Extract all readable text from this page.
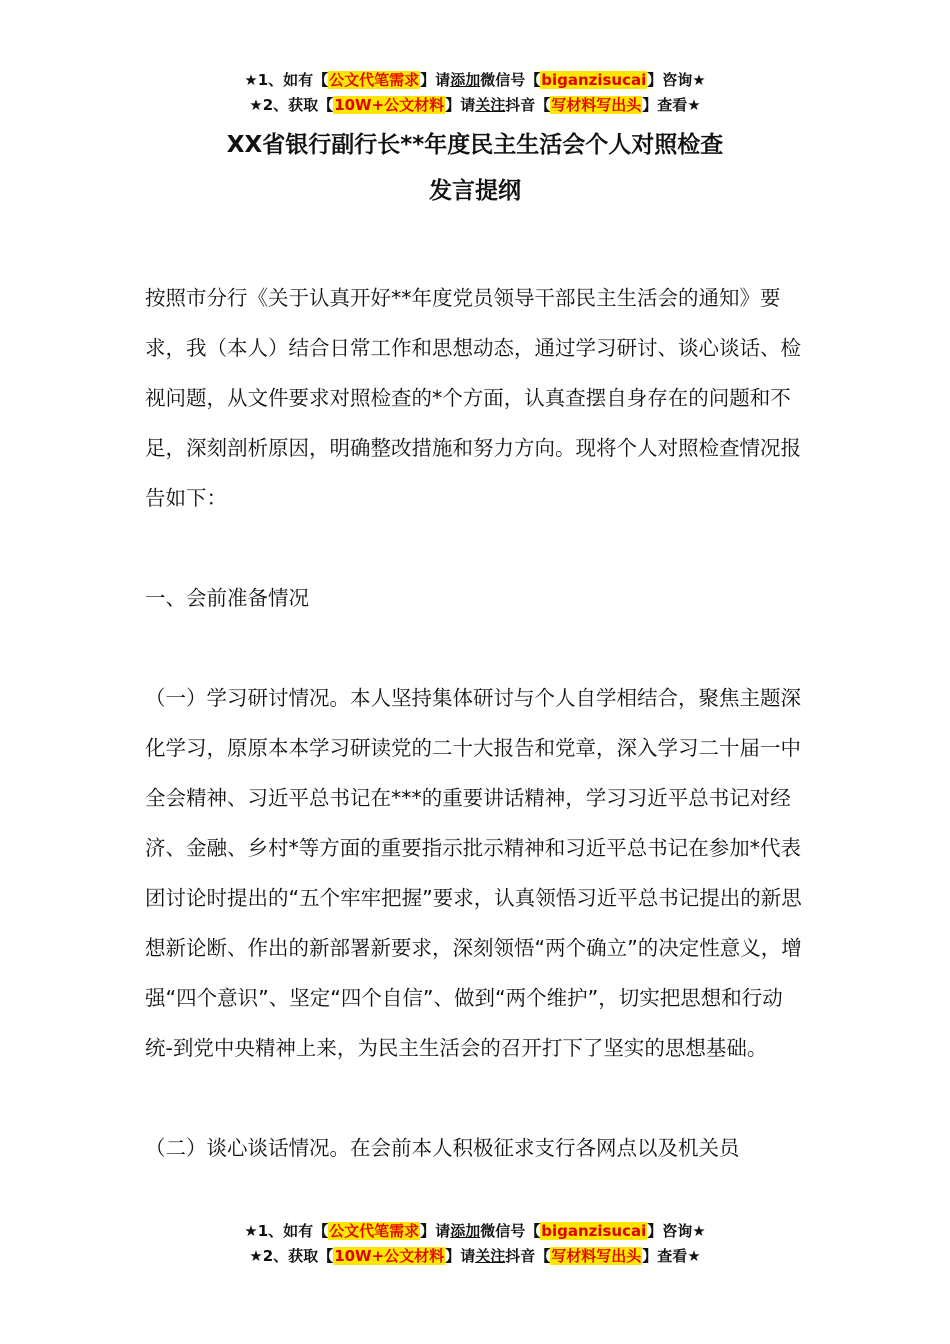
★1、如有【公文代笔需求】请添加微信号【biganzisucai】咨询★
★2、获取【10W+公文材料】请关注抖音【写材料写出头】查看★
XX省银行副行长**年度民主生活会个人对照检查
发言提纲

按照市分行《关于认真开好**年度党员领导干部民主生活会的通知》要求，我（本人）结合日常工作和思想动态，通过学习研讨、谈心谈话、检视问题，从文件要求对照检查的*个方面，认真查摆自身存在的问题和不足，深刻剖析原因，明确整改措施和努力方向。现将个人对照检查情况报告如下：

一、会前准备情况

（一）学习研讨情况。本人坚持集体研讨与个人自学相结合，聚焦主题深化学习，原原本本学习研读党的二十大报告和党章，深入学习二十届一中全会精神、习近平总书记在***的重要讲话精神，学习习近平总书记对经济、金融、乡村*等方面的重要指示批示精神和习近平总书记在参加*代表团讨论时提出的“五个牢牢把握”要求，认真领悟习近平总书记提出的新思想新论断、作出的新部署新要求，深刻领悟“两个确立”的决定性意义，增强“四个意识”、坚定“四个自信”、做到“两个维护”，切实把思想和行动统-到党中央精神上来，为民主生活会的召开打下了坚实的思想基础。

（二）谈心谈话情况。在会前本人积极征求支行各网点以及机关员

★1、如有【公文代笔需求】请添加微信号【biganzisucai】咨询★
★2、获取【10W+公文材料】请关注抖音【写材料写出头】查看★
